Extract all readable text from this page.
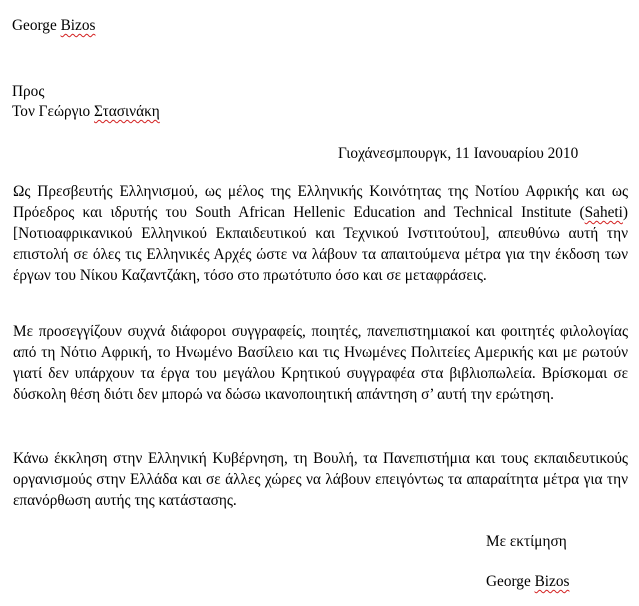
George Bizos
Προς
Τον Γεώργιο Στασινάκη
Γιοχάνεσμπουργκ, 11 Ιανουαρίου 2010
Ως Πρεσβευτής Ελληνισμού, ως μέλος της Ελληνικής Κοινότητας της Νοτίου Αφρικής και ως Πρόεδρος και ιδρυτής του South African Hellenic Education and Technical Institute (Saheti) [Νοτιοαφρικανικού Ελληνικού Εκπαιδευτικού και Τεχνικού Ινστιτούτου], απευθύνω αυτή την επιστολή σε όλες τις Ελληνικές Αρχές ώστε να λάβουν τα απαιτούμενα μέτρα για την έκδοση των έργων του Νίκου Καζαντζάκη, τόσο στο πρωτότυπο όσο και σε μεταφράσεις.
Με προσεγγίζουν συχνά διάφοροι συγγραφείς, ποιητές, πανεπιστημιακοί και φοιτητές φιλολογίας από τη Νότιο Αφρική, το Ηνωμένο Βασίλειο και τις Ηνωμένες Πολιτείες Αμερικής και με ρωτούν γιατί δεν υπάρχουν τα έργα του μεγάλου Κρητικού συγγραφέα στα βιβλιοπωλεία. Βρίσκομαι σε δύσκολη θέση διότι δεν μπορώ να δώσω ικανοποιητική απάντηση σ’ αυτή την ερώτηση.
Κάνω έκκληση στην Ελληνική Κυβέρνηση, τη Βουλή, τα Πανεπιστήμια και τους εκπαιδευτικούς οργανισμούς στην Ελλάδα και σε άλλες χώρες να λάβουν επειγόντως τα απαραίτητα μέτρα για την επανόρθωση αυτής της κατάστασης.
Με εκτίμηση
George Bizos
